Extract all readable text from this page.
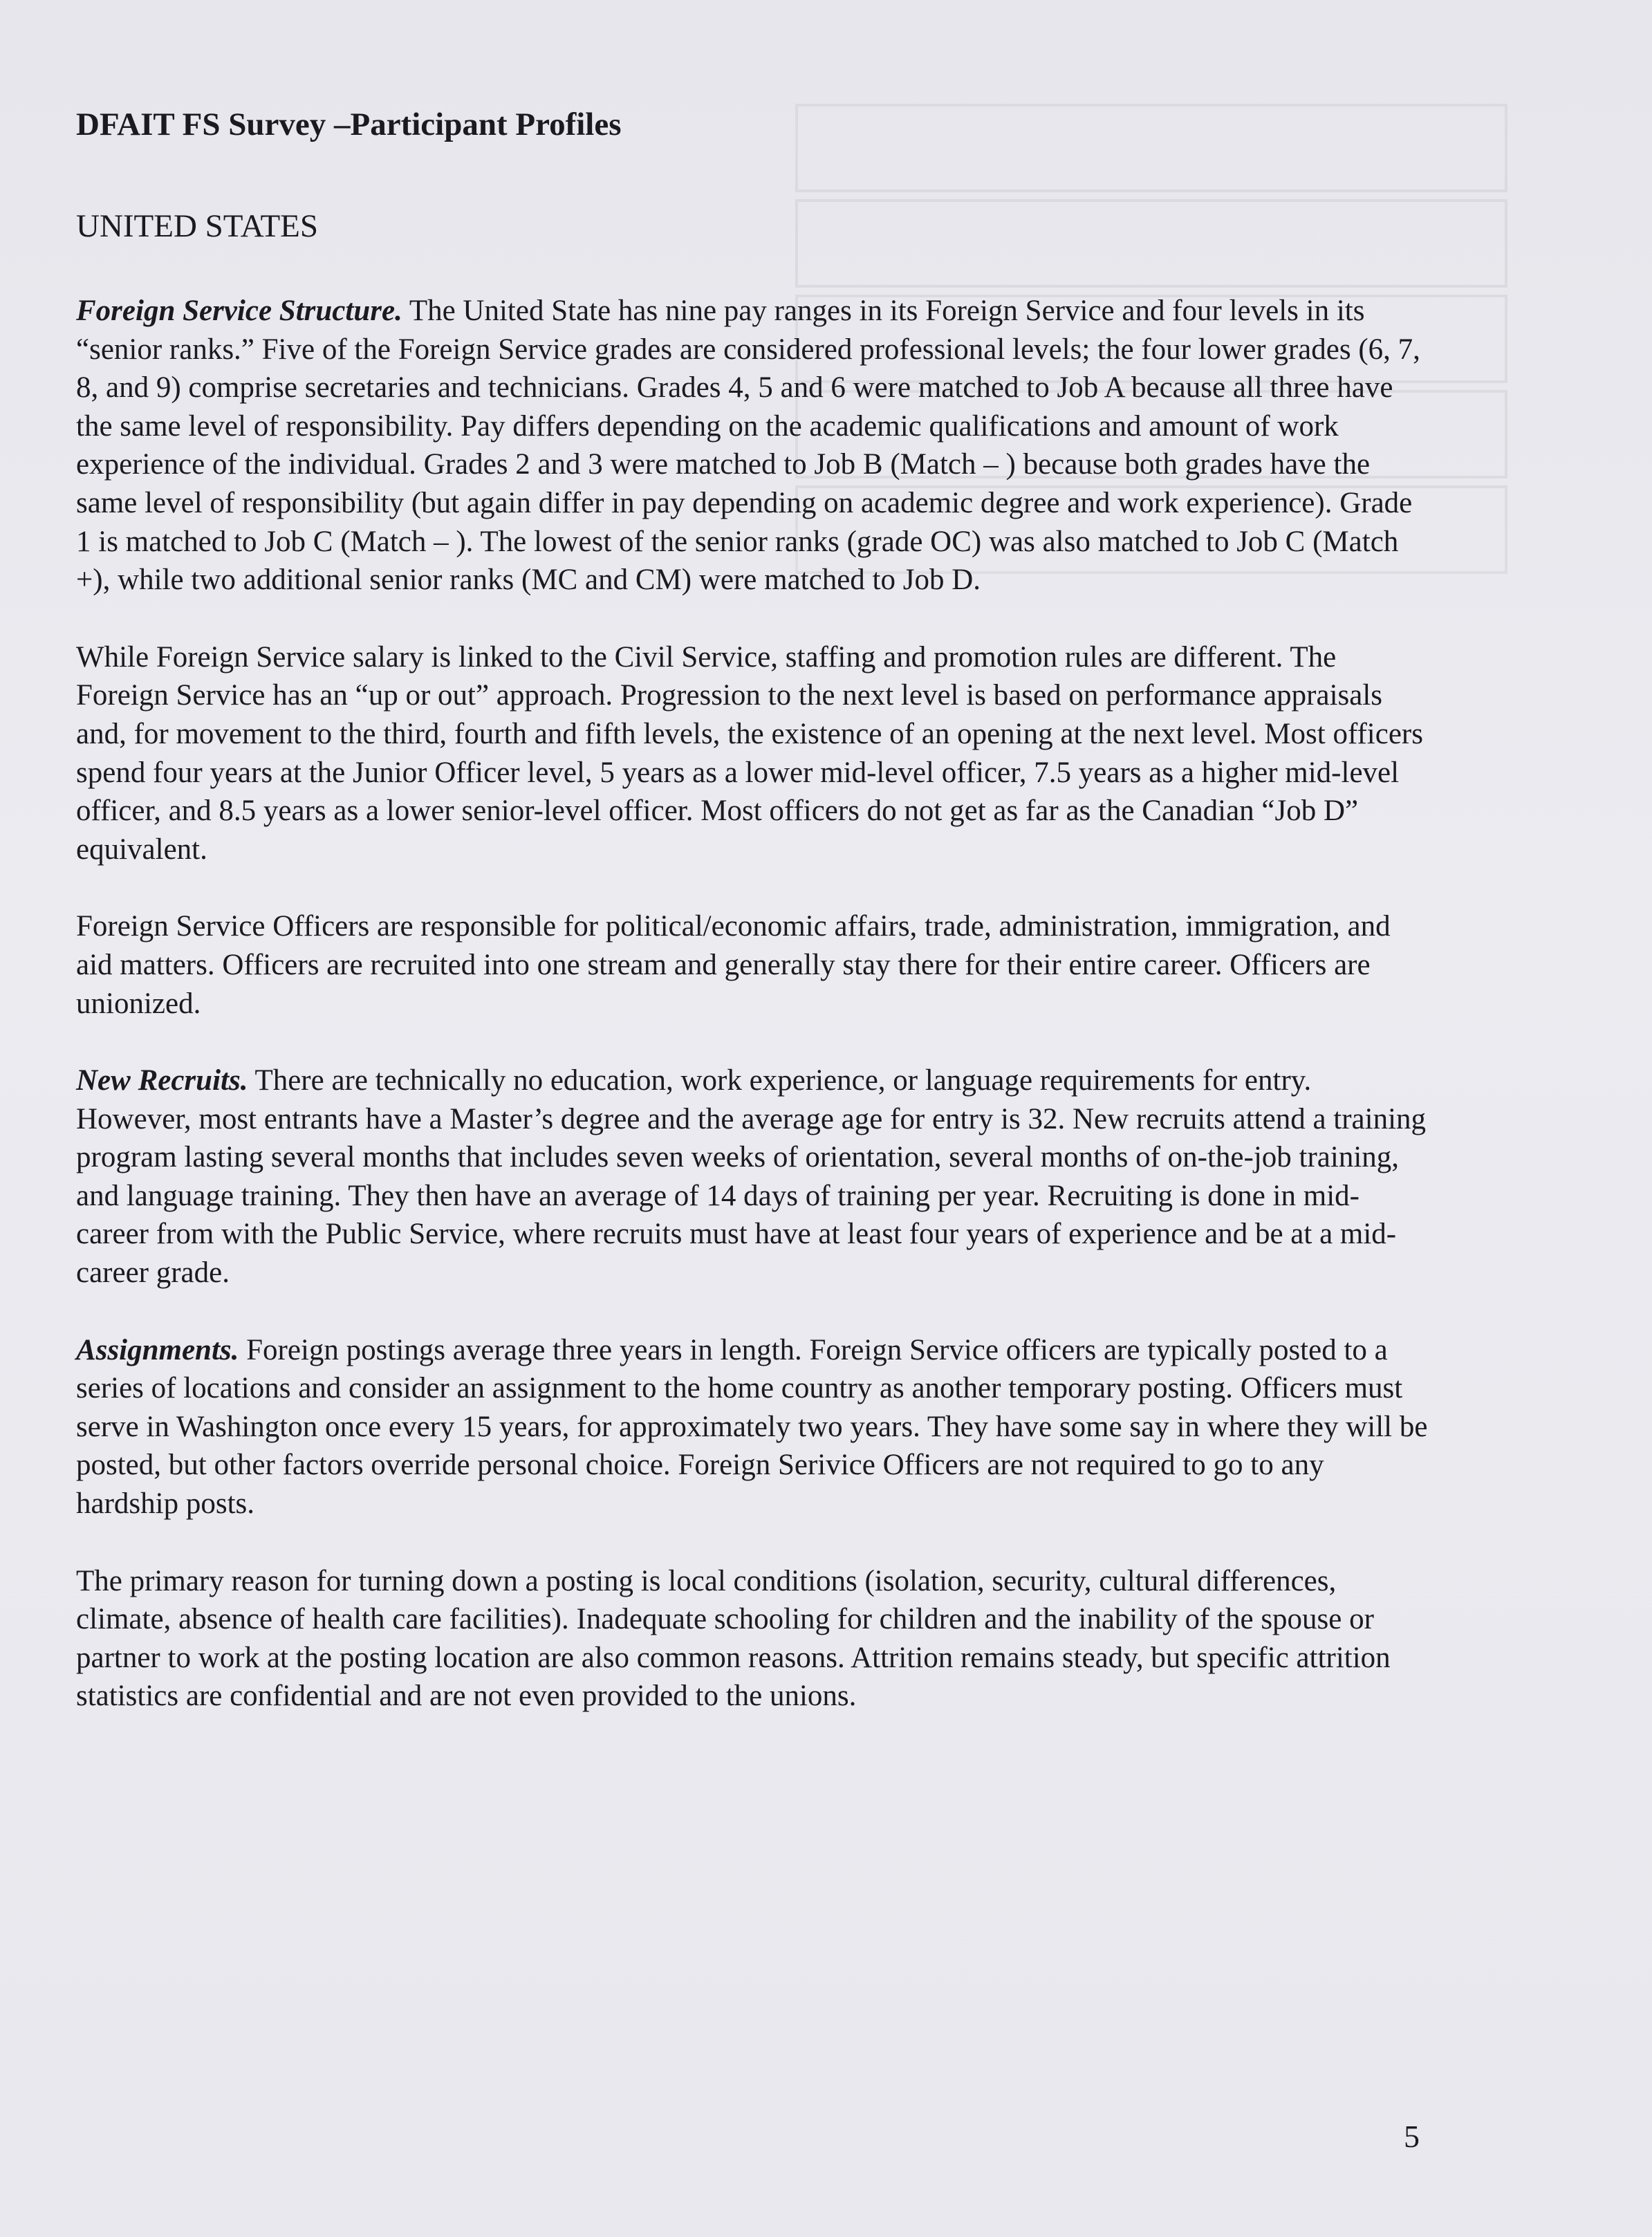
DFAIT FS Survey –Participant Profiles
UNITED STATES

Foreign Service Structure. The United State has nine pay ranges in its Foreign Service and four levels in its “senior ranks.” Five of the Foreign Service grades are considered professional levels; the four lower grades (6, 7, 8, and 9) comprise secretaries and technicians. Grades 4, 5 and 6 were matched to Job A because all three have the same level of responsibility. Pay differs depending on the academic qualifications and amount of work experience of the individual. Grades 2 and 3 were matched to Job B (Match – ) because both grades have the same level of responsibility (but again differ in pay depending on academic degree and work experience). Grade 1 is matched to Job C (Match – ). The lowest of the senior ranks (grade OC) was also matched to Job C (Match +), while two additional senior ranks (MC and CM) were matched to Job D.

While Foreign Service salary is linked to the Civil Service, staffing and promotion rules are different. The Foreign Service has an “up or out” approach. Progression to the next level is based on performance appraisals and, for movement to the third, fourth and fifth levels, the existence of an opening at the next level. Most officers spend four years at the Junior Officer level, 5 years as a lower mid-level officer, 7.5 years as a higher mid-level officer, and 8.5 years as a lower senior-level officer. Most officers do not get as far as the Canadian “Job D” equivalent.

Foreign Service Officers are responsible for political/economic affairs, trade, administration, immigration, and aid matters. Officers are recruited into one stream and generally stay there for their entire career. Officers are unionized.

New Recruits. There are technically no education, work experience, or language requirements for entry. However, most entrants have a Master’s degree and the average age for entry is 32. New recruits attend a training program lasting several months that includes seven weeks of orientation, several months of on-the-job training, and language training. They then have an average of 14 days of training per year. Recruiting is done in mid-career from with the Public Service, where recruits must have at least four years of experience and be at a mid-career grade.

Assignments. Foreign postings average three years in length. Foreign Service officers are typically posted to a series of locations and consider an assignment to the home country as another temporary posting. Officers must serve in Washington once every 15 years, for approximately two years. They have some say in where they will be posted, but other factors override personal choice. Foreign Serivice Officers are not required to go to any hardship posts.

The primary reason for turning down a posting is local conditions (isolation, security, cultural differences, climate, absence of health care facilities). Inadequate schooling for children and the inability of the spouse or partner to work at the posting location are also common reasons. Attrition remains steady, but specific attrition statistics are confidential and are not even provided to the unions.

5
